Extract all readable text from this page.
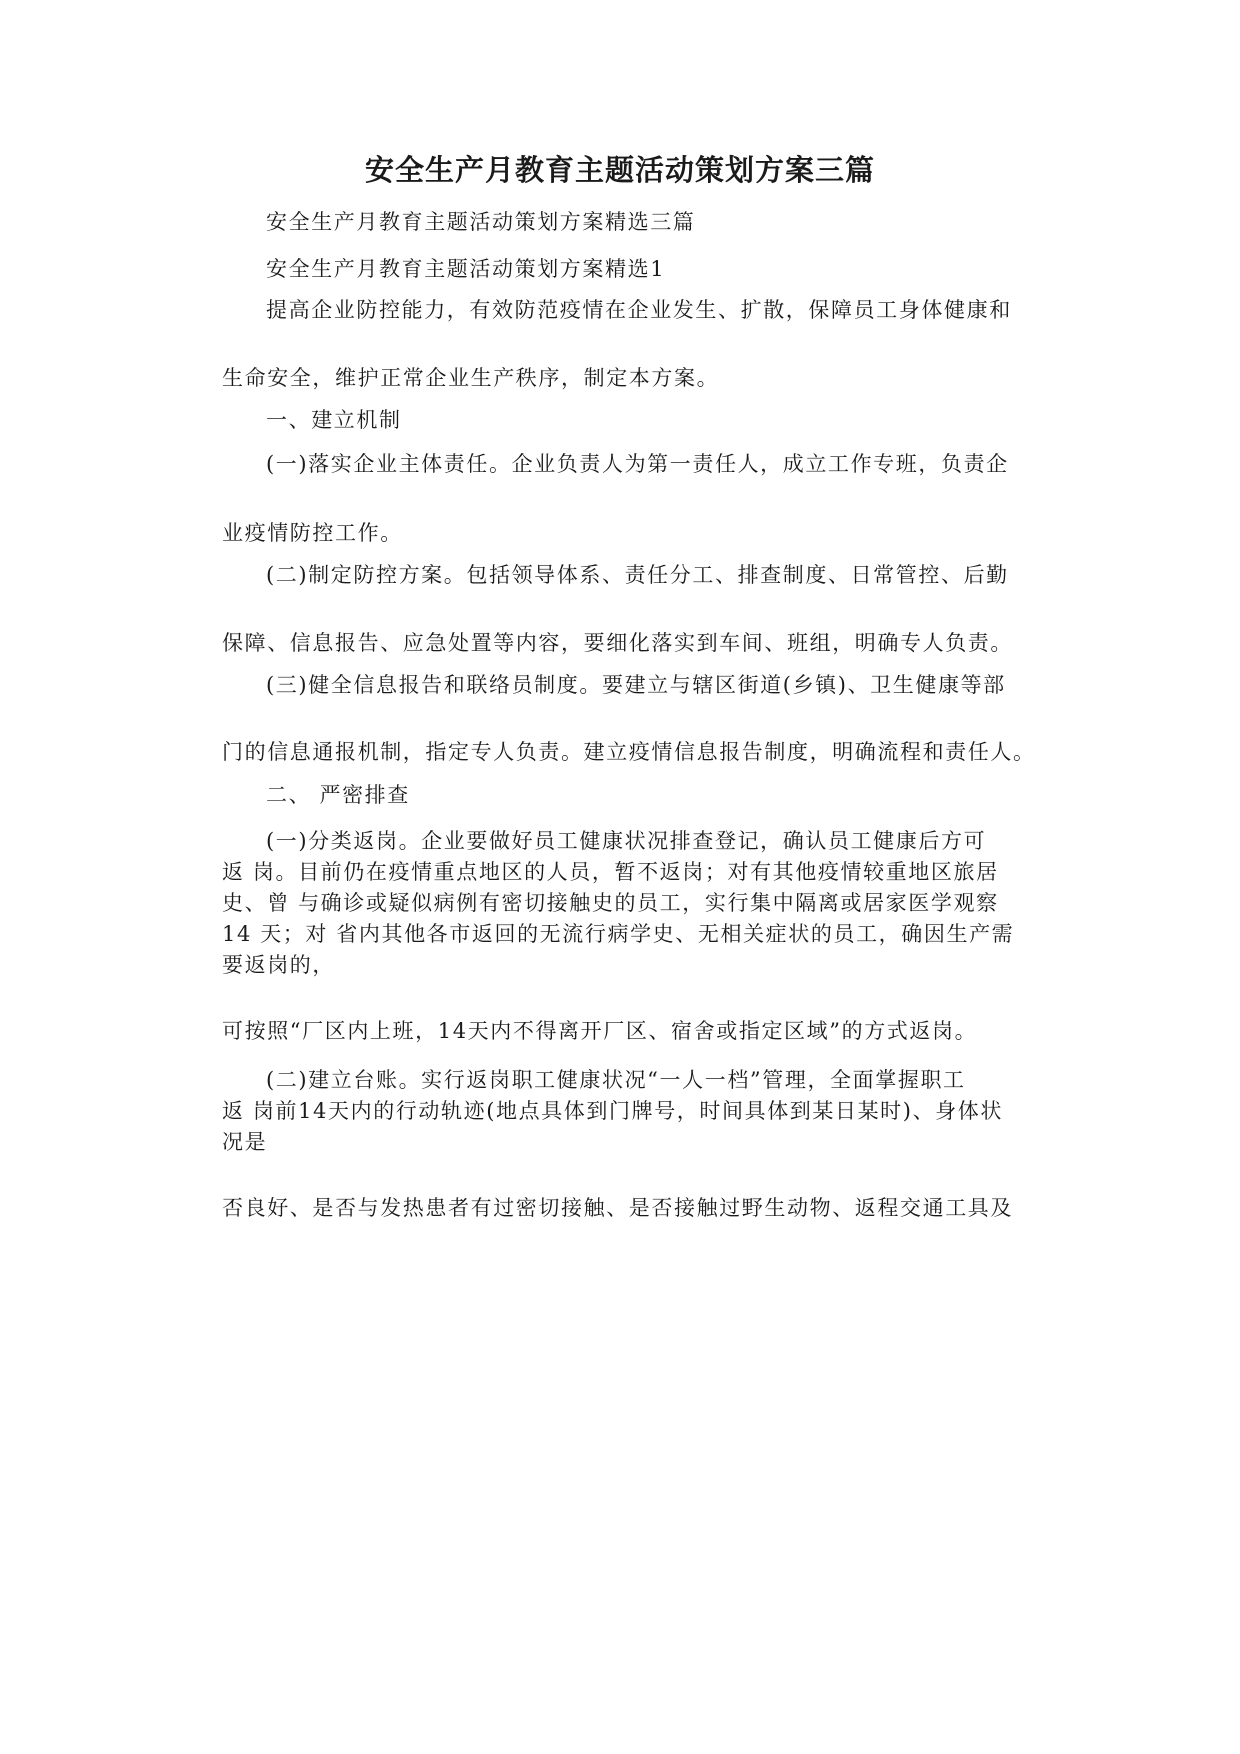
安全生产月教育主题活动策划方案三篇
安全生产月教育主题活动策划方案精选三篇
安全生产月教育主题活动策划方案精选1
提高企业防控能力，有效防范疫情在企业发生、扩散，保障员工身体健康和
生命安全，维护正常企业生产秩序，制定本方案。
一、建立机制
(一)落实企业主体责任。企业负责人为第一责任人，成立工作专班，负责企
业疫情防控工作。
(二)制定防控方案。包括领导体系、责任分工、排查制度、日常管控、后勤
保障、信息报告、应急处置等内容，要细化落实到车间、班组，明确专人负责。
(三)健全信息报告和联络员制度。要建立与辖区街道(乡镇)、卫生健康等部
门的信息通报机制，指定专人负责。建立疫情信息报告制度，明确流程和责任人。
二、 严密排查
(一)分类返岗。企业要做好员工健康状况排查登记，确认员工健康后方可
返 岗。目前仍在疫情重点地区的人员，暂不返岗；对有其他疫情较重地区旅居
史、曾 与确诊或疑似病例有密切接触史的员工，实行集中隔离或居家医学观察
14 天；对 省内其他各市返回的无流行病学史、无相关症状的员工，确因生产需
要返岗的，
可按照“厂区内上班，14天内不得离开厂区、宿舍或指定区域”的方式返岗。
(二)建立台账。实行返岗职工健康状况“一人一档”管理，全面掌握职工
返 岗前14天内的行动轨迹(地点具体到门牌号，时间具体到某日某时)、身体状
况是
否良好、是否与发热患者有过密切接触、是否接触过野生动物、返程交通工具及
